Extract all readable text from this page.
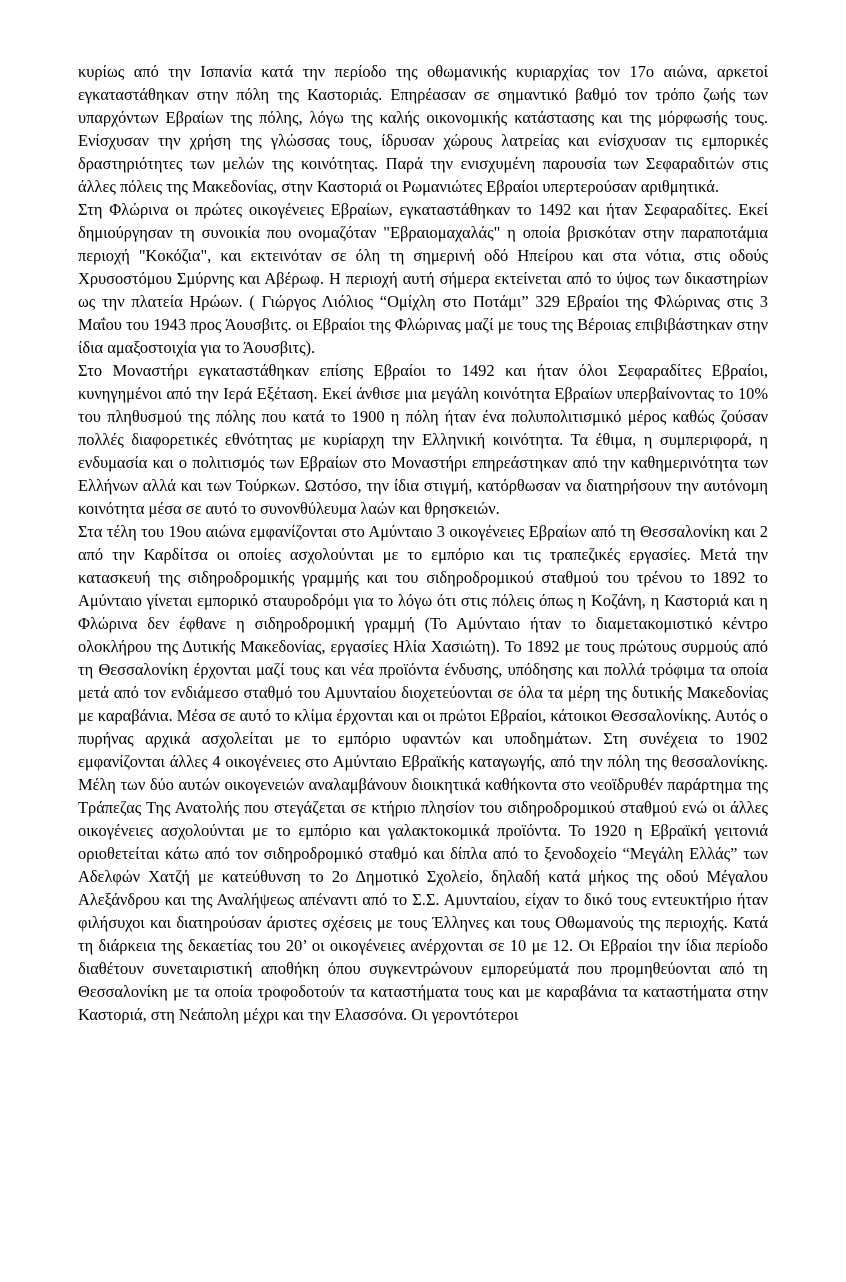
κυρίως από την Ισπανία κατά την περίοδο της οθωμανικής κυριαρχίας τον 17ο αιώνα, αρκετοί εγκαταστάθηκαν στην πόλη της Καστοριάς. Επηρέασαν σε σημαντικό βαθμό τον τρόπο ζωής των υπαρχόντων Εβραίων της πόλης, λόγω της καλής οικονομικής κατάστασης και της μόρφωσής τους. Ενίσχυσαν την χρήση της γλώσσας τους, ίδρυσαν χώρους λατρείας και ενίσχυσαν τις εμπορικές δραστηριότητες των μελών της κοινότητας. Παρά την ενισχυμένη παρουσία των Σεφαραδιτών στις άλλες πόλεις της Μακεδονίας, στην Καστοριά οι Ρωμανιώτες Εβραίοι υπερτερούσαν αριθμητικά.

Στη Φλώρινα οι πρώτες οικογένειες Εβραίων, εγκαταστάθηκαν το 1492 και ήταν Σεφαραδίτες. Εκεί δημιούργησαν τη συνοικία που ονομαζόταν "Εβραιομαχαλάς" η οποία βρισκόταν στην παραποτάμια περιοχή "Κοκόζια", και εκτεινόταν σε όλη τη σημερινή οδό Ηπείρου και στα νότια, στις οδούς Χρυσοστόμου Σμύρνης και Αβέρωφ. Η περιοχή αυτή σήμερα εκτείνεται από το ύψος των δικαστηρίων ως την πλατεία Ηρώων. ( Γιώργος Λιόλιος “Ομίχλη στο Ποτάμι” 329 Εβραίοι της Φλώρινας στις 3 Μαΐου του 1943 προς Άουσβιτς. οι Εβραίοι της Φλώρινας μαζί με τους της Βέροιας επιβιβάστηκαν στην ίδια αμαξοστοιχία για το Άουσβιτς).

Στο Μοναστήρι εγκαταστάθηκαν επίσης Εβραίοι το 1492 και ήταν όλοι Σεφαραδίτες Εβραίοι, κυνηγημένοι από την Ιερά Εξέταση. Εκεί άνθισε μια μεγάλη κοινότητα Εβραίων υπερβαίνοντας το 10% του πληθυσμού της πόλης που κατά το 1900 η πόλη ήταν ένα πολυπολιτισμικό μέρος καθώς ζούσαν πολλές διαφορετικές εθνότητας με κυρίαρχη την Ελληνική κοινότητα. Τα έθιμα, η συμπεριφορά, η ενδυμασία και ο πολιτισμός των Εβραίων στο Μοναστήρι επηρεάστηκαν από την καθημερινότητα των Ελλήνων αλλά και των Τούρκων. Ωστόσο, την ίδια στιγμή, κατόρθωσαν να διατηρήσουν την αυτόνομη κοινότητα μέσα σε αυτό το συνονθύλευμα λαών και θρησκειών.

Στα τέλη του 19ου αιώνα εμφανίζονται στο Αμύνταιο 3 οικογένειες Εβραίων από τη Θεσσαλονίκη και 2 από την Καρδίτσα οι οποίες ασχολούνται με το εμπόριο και τις τραπεζικές εργασίες. Μετά την κατασκευή της σιδηροδρομικής γραμμής και του σιδηροδρομικού σταθμού του τρένου το 1892 το Αμύνταιο γίνεται εμπορικό σταυροδρόμι για το λόγω ότι στις πόλεις όπως η Κοζάνη, η Καστοριά και η Φλώρινα δεν έφθανε η σιδηροδρομική γραμμή (Το Αμύνταιο ήταν το διαμετακομιστικό κέντρο ολοκλήρου της Δυτικής Μακεδονίας, εργασίες Ηλία Χασιώτη). Το 1892 με τους πρώτους συρμούς από τη Θεσσαλονίκη έρχονται μαζί τους και νέα προϊόντα ένδυσης, υπόδησης και πολλά τρόφιμα τα οποία μετά από τον ενδιάμεσο σταθμό του Αμυνταίου διοχετεύονται σε όλα τα μέρη της δυτικής Μακεδονίας με καραβάνια. Μέσα σε αυτό το κλίμα έρχονται και οι πρώτοι Εβραίοι, κάτοικοι Θεσσαλονίκης. Αυτός ο πυρήνας αρχικά ασχολείται με το εμπόριο υφαντών και υποδημάτων. Στη συνέχεια το 1902 εμφανίζονται άλλες 4 οικογένειες στο Αμύνταιο Εβραϊκής καταγωγής, από την πόλη της θεσσαλονίκης. Μέλη των δύο αυτών οικογενειών αναλαμβάνουν διοικητικά καθήκοντα στο νεοϊδρυθέν παράρτημα της Τράπεζας Της Ανατολής που στεγάζεται σε κτήριο πλησίον του σιδηροδρομικού σταθμού ενώ οι άλλες οικογένειες ασχολούνται με το εμπόριο και γαλακτοκομικά προϊόντα. Το 1920 η Εβραϊκή γειτονιά οριοθετείται κάτω από τον σιδηροδρομικό σταθμό και δίπλα από το ξενοδοχείο “Μεγάλη Ελλάς” των Αδελφών Χατζή με κατεύθυνση το 2ο Δημοτικό Σχολείο, δηλαδή κατά μήκος της οδού Μέγαλου Αλεξάνδρου και της Αναλήψεως απέναντι από το Σ.Σ. Αμυνταίου, είχαν το δικό τους εντευκτήριο ήταν φιλήσυχοι και διατηρούσαν άριστες σχέσεις με τους Έλληνες και τους Οθωμανούς της περιοχής. Κατά τη διάρκεια της δεκαετίας του 20’ οι οικογένειες ανέρχονται σε 10 με 12. Οι Εβραίοι την ίδια περίοδο διαθέτουν συνεταιριστική αποθήκη όπου συγκεντρώνουν εμπορεύματά που προμηθεύονται από τη Θεσσαλονίκη με τα οποία τροφοδοτούν τα καταστήματα τους και με καραβάνια τα καταστήματα στην Καστοριά, στη Νεάπολη μέχρι και την Ελασσόνα. Οι γεροντότεροι
